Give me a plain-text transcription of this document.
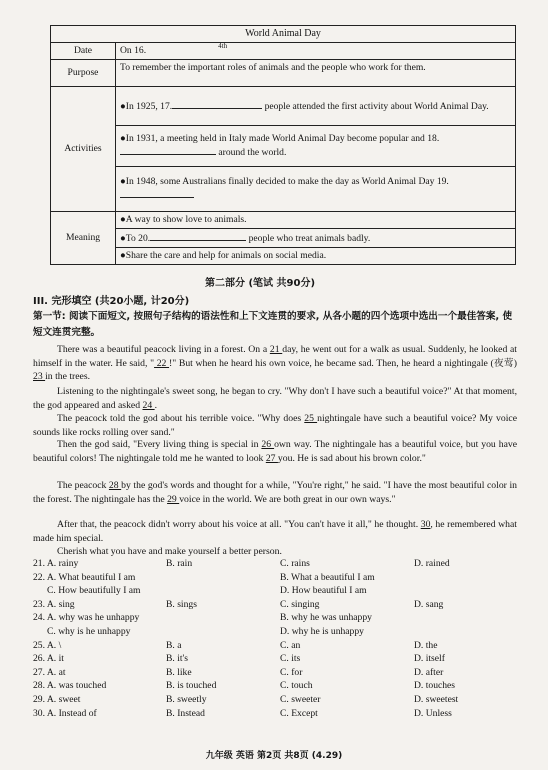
World Animal Day	
Date	On 16. $^{4th}$
Purpose	To remember the important roles of animals and the people who work for them.
Activities	●In 1925, 17. people attended the first activity about World Animal Day.
	●In 1931, a meeting held in Italy made World Animal Day become popular and 18. around the world.
	●In 1948, some Australians finally decided to make the day as World Animal Day 19.
Meaning	●A way to show love to animals.
	●To 20. people who treat animals badly.
	●Share the care and help for animals on social media.
第二部分 (笔试 共90分)
III. 完形填空 (共20小题, 计20分)
第一节: 阅读下面短文, 按照句子结构的语法性和上下文连贯的要求, 从各小题的四个选项中选出一个最佳答案, 使短文连贯完整。
There was a beautiful peacock living in a forest. On a 21 day, he went out for a walk as usual. Suddenly, he looked at himself in the water. He said, " 22 !" But when he heard his own voice, he became sad. Then, he heard a nightingale (夜莺) 23 in the trees.
Listening to the nightingale's sweet song, he began to cry. "Why don't I have such a beautiful voice?" At that moment, the god appeared and asked 24 .
The peacock told the god about his terrible voice. "Why does 25 nightingale have such a beautiful voice? My voice sounds like rocks rolling over sand."
Then the god said, "Every living thing is special in 26 own way. The nightingale has a beautiful voice, but you have beautiful colors! The nightingale told me he wanted to look 27 you. He is sad about his brown color."
The peacock 28 by the god's words and thought for a while, "You're right," he said. "I have the most beautiful color in the forest. The nightingale has the 29 voice in the world. We are both great in our own ways."
After that, the peacock didn't worry about his voice at all. "You can't have it all," he thought. 30, he remembered what made him special.
Cherish what you have and make yourself a better person.
21. A. rainy	B. rain	C. rains	D. rained
22. A. What beautiful I am	B. What a beautiful I am
C. How beautifully I am	D. How beautiful I am
23. A. sing	B. sings	C. singing	D. sang
24. A. why was he unhappy	B. why he was unhappy
C. why is he unhappy	D. why he is unhappy
25. A. \	B. a	C. an	D. the
26. A. it	B. it's	C. its	D. itself
27. A. at	B. like	C. for	D. after
28. A. was touched	B. is touched	C. touch	D. touches
29. A. sweet	B. sweetly	C. sweeter	D. sweetest
30. A. Instead of	B. Instead	C. Except	D. Unless
九年级 英语 第2页 共8页 (4.29)
